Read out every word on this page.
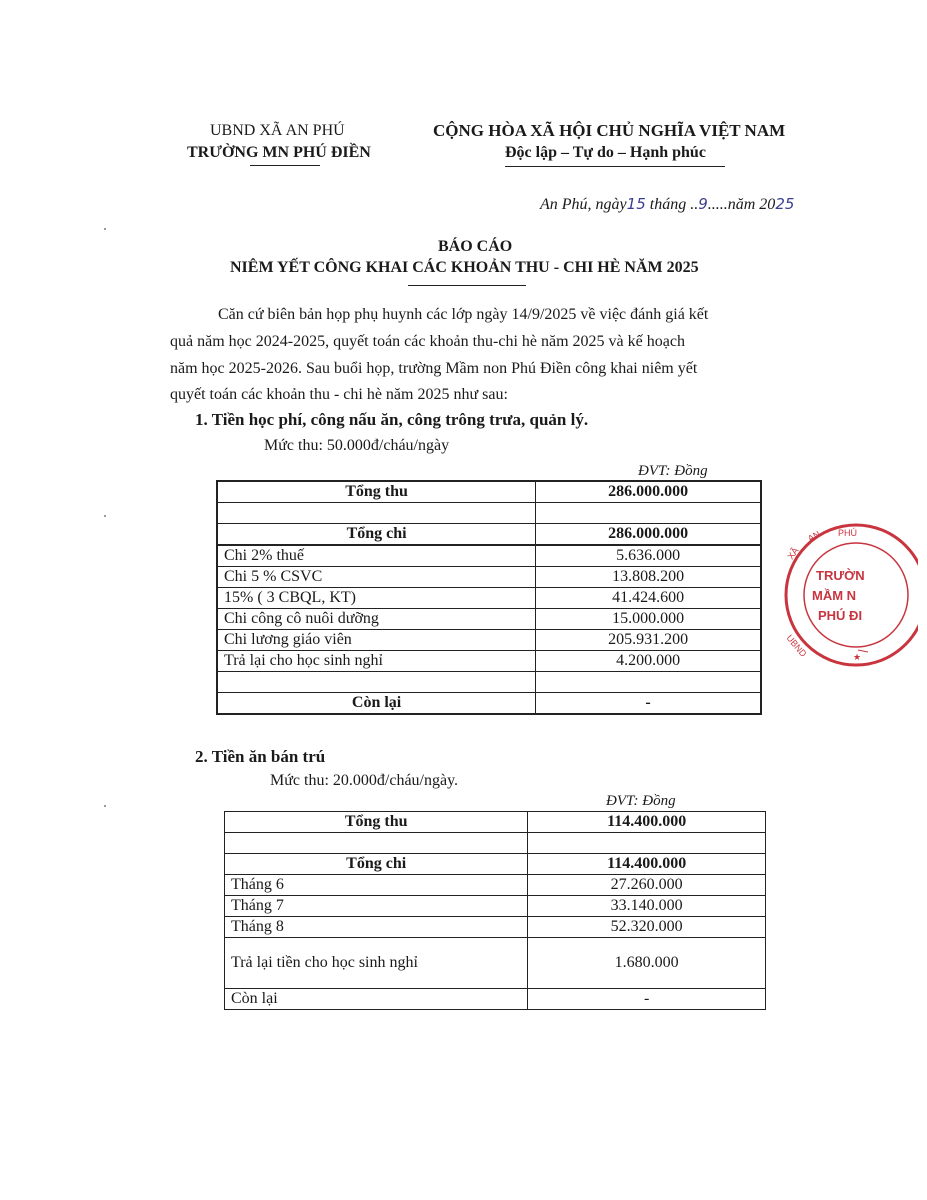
UBND XÃ AN PHÚ
TRƯỜNG MN PHÚ ĐIỀN
CỘNG HÒA XÃ HỘI CHỦ NGHĨA VIỆT NAM
Độc lập – Tự do – Hạnh phúc
An Phú, ngày15 tháng ..9.....năm 2025
BÁO CÁO
NIÊM YẾT CÔNG KHAI CÁC KHOẢN THU - CHI HÈ NĂM 2025
Căn cứ biên bản họp phụ huynh các lớp ngày 14/9/2025 về việc đánh giá kết
quả năm học 2024-2025, quyết toán các khoản thu-chi hè năm 2025 và kế hoạch
năm học 2025-2026. Sau buổi họp, trường Mầm non Phú Điền công khai niêm yết
quyết toán các khoản thu - chi hè năm 2025 như sau:
1. Tiền học phí, công nấu ăn, công trông trưa, quản lý.
Mức thu: 50.000đ/cháu/ngày
ĐVT: Đồng
Tổng thu	286.000.000

Tổng chi	286.000.000
Chi 2% thuế	5.636.000
Chi 5 % CSVC	13.808.200
15% ( 3 CBQL, KT)	41.424.600
Chi công cô nuôi dưỡng	15.000.000
Chi lương giáo viên	205.931.200
Trả lại cho học sinh nghỉ	4.200.000

Còn lại	-
2. Tiền ăn bán trú
Mức thu: 20.000đ/cháu/ngày.
ĐVT: Đồng
Tổng thu	114.400.000

Tổng chi	114.400.000
Tháng 6	27.260.000
Tháng 7	33.140.000
Tháng 8	52.320.000
Trả lại tiền cho học sinh nghỉ	1.680.000
Còn lại	-
XÃ
AN PHÚ
TRƯỜN
MẦM N
PHÚ ĐI
UBND	★
